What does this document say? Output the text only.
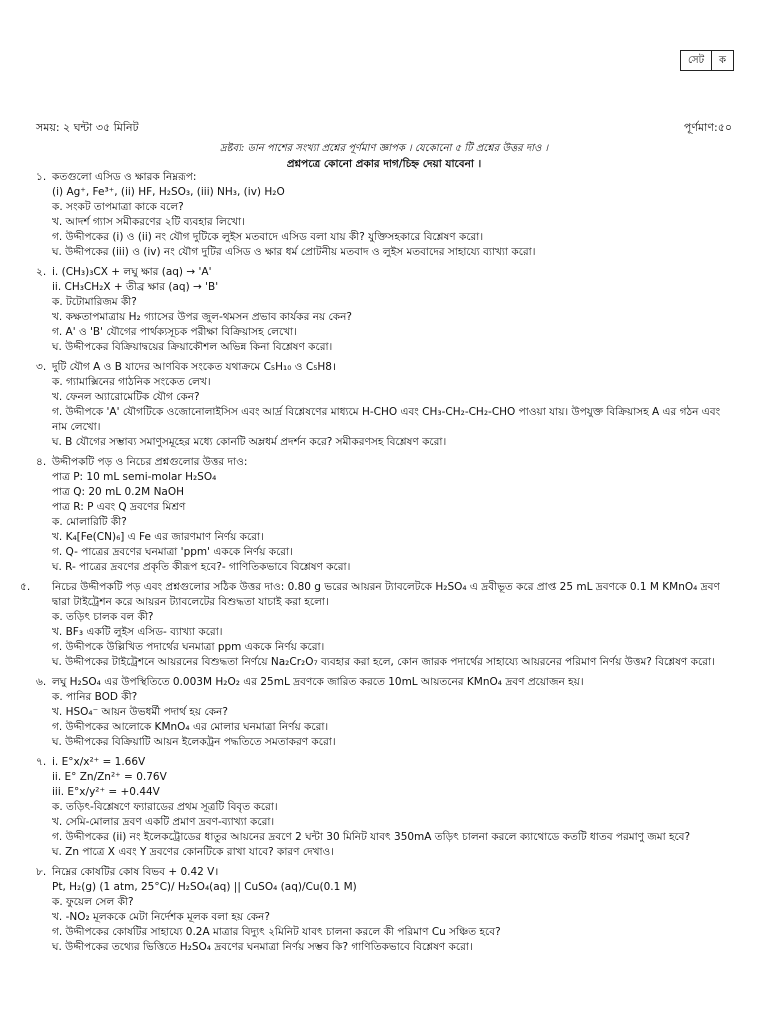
সেট	ক
সময়: ২ ঘন্টা ৩৫ মিনিট	পূর্ণমাণ:৫০
দ্রষ্টব্য: ডান পাশের সংখ্যা প্রশ্নের পূর্ণমাণ জ্ঞাপক । যেকোনো ৫ টি প্রশ্নের উত্তর দাও ।
প্রশ্নপত্রে কোনো প্রকার দাগ/চিহ্ন দেয়া যাবেনা ।
১. কতগুলো এসিড ও ক্ষারক নিম্নরূপ:
(i) Ag⁺, Fe³⁺, (ii) HF, H₂SO₃, (iii) NH₃, (iv) H₂O
ক. সংকট তাপমাত্রা কাকে বলে?
খ. আদর্শ গ্যাস সমীকরণের ২টি ব্যবহার লিখো।
গ. উদ্দীপকের (i) ও (ii) নং যৌগ দুটিকে লুইস মতবাদে এসিড বলা যায় কী? যুক্তিসহকারে বিশ্লেষণ করো।
ঘ. উদ্দীপকের (iii) ও (iv) নং যৌগ দুটির এসিড ও ক্ষার ধর্ম প্রোটনীয় মতবাদ ও লুইস মতবাদের সাহায্যে ব্যাখ্যা করো।
২. i. (CH₃)₃CX + লঘু ক্ষার (aq) → 'A'
ii. CH₃CH₂X + তীব্র ক্ষার (aq) → 'B'
ক. টটোমারিজম কী?
খ. কক্ষতাপমাত্রায় H₂ গ্যাসের উপর জুল-থমসন প্রভাব কার্যকর নয় কেন?
গ. A' ও 'B' যৌগের পার্থক্যসূচক পরীক্ষা বিক্রিয়াসহ লেখো।
ঘ. উদ্দীপকের বিক্রিয়াদ্বয়ের ক্রিয়াকৌশল অভিন্ন কিনা বিশ্লেষণ করো।
৩. দুটি যৌগ A ও B যাদের আণবিক সংকেত যথাক্রমে C₅H₁₀ ও C₅H8।
ক. গ্যামাক্সিনের গাঠনিক সংকেত লেখ।
খ. ফেনল অ্যারোমেটিক যৌগ কেন?
গ. উদ্দীপকে 'A' যৌগটিকে ওজোনোলাইসিস এবং আর্দ্র বিশ্লেষণের মাধ্যমে H-CHO এবং CH₃-CH₂-CH₂-CHO পাওয়া যায়। উপযুক্ত বিক্রিয়াসহ A এর গঠন এবং নাম লেখো।
ঘ. B যৌগের সম্ভাব্য সমাণুসমূহের মধ্যে কোনটি অম্লধর্ম প্রদর্শন করে? সমীকরণসহ বিশ্লেষণ করো।
৪. উদ্দীপকটি পড় ও নিচের প্রশ্নগুলোর উত্তর দাও:
পাত্র P: 10 mL semi-molar H₂SO₄
পাত্র Q: 20 mL 0.2M NaOH
পাত্র R: P এবং Q দ্রবণের মিশ্রণ
ক. মোলারিটি কী?
খ. K₄[Fe(CN)₆] এ Fe এর জারণমাণ নির্ণয় করো।
গ. Q- পাত্রের দ্রবণের ঘনমাত্রা 'ppm' এককে নির্ণয় করো।
ঘ. R- পাত্রের দ্রবণের প্রকৃতি কীরূপ হবে?- গাণিতিকভাবে বিশ্লেষণ করো।
৫. নিচের উদ্দীপকটি পড় এবং প্রশ্নগুলোর সঠিক উত্তর দাও: 0.80 g ভরের আয়রন ট্যাবলেটকে H₂SO₄ এ দ্রবীভূত করে প্রাপ্ত 25 mL দ্রবণকে 0.1 M KMnO₄ দ্রবণ দ্বারা টাইট্রেশন করে আয়রন ট্যাবলেটের বিশুদ্ধতা যাচাই করা হলো।
ক. তড়িৎ চালক বল কী?
খ. BF₃ একটি লুইস এসিড- ব্যাখ্যা করো।
গ. উদ্দীপকে উল্লিখিত পদার্থের ঘনমাত্রা ppm এককে নির্ণয় করো।
ঘ. উদ্দীপকের টাইট্রেশনে আয়রনের বিশুদ্ধতা নির্ণয়ে Na₂Cr₂O₇ ব্যবহার করা হলে, কোন জারক পদার্থের সাহায্যে আয়রনের পরিমাণ নির্ণয় উত্তম? বিশ্লেষণ করো।
৬. লঘু H₂SO₄ এর উপস্থিতিতে 0.003M H₂O₂ এর 25mL দ্রবণকে জারিত করতে 10mL আয়তনের KMnO₄ দ্রবণ প্রয়োজন হয়।
ক. পানির BOD কী?
খ. HSO₄⁻ আয়ন উভধর্মী পদার্থ হয় কেন?
গ. উদ্দীপকের আলোকে KMnO₄ এর মোলার ঘনমাত্রা নির্ণয় করো।
ঘ. উদ্দীপকের বিক্রিয়াটি আয়ন ইলেকট্রন পদ্ধতিতে সমতাকরণ করো।
৭. i. E°x/x²⁺ = 1.66V
ii. E° Zn/Zn²⁺ = 0.76V
iii. E°x/y²⁺ = +0.44V
ক. তড়িৎ-বিশ্লেষণে ফ্যারাডের প্রথম সূত্রটি বিবৃত করো।
খ. সেমি-মোলার দ্রবণ একটি প্রমাণ দ্রবণ-ব্যাখ্যা করো।
গ. উদ্দীপকের (ii) নং ইলেকট্রোডের ধাতুর আয়নের দ্রবণে 2 ঘন্টা 30 মিনিট যাবৎ 350mA তড়িৎ চালনা করলে ক্যাথোডে কতটি ধাতব পরমাণু জমা হবে?
ঘ. Zn পাত্রে X এবং Y দ্রবণের কোনটিকে রাখা যাবে? কারণ দেখাও।
৮. নিম্নের কোষটির কোষ বিভব + 0.42 V।
Pt, H₂(g) (1 atm, 25°C)/ H₂SO₄(aq) || CuSO₄ (aq)/Cu(0.1 M)
ক. ফুয়েল সেল কী?
খ. -NO₂ মূলককে মেটা নির্দেশক মূলক বলা হয় কেন?
গ. উদ্দীপকের কোষটির সাহায্যে 0.2A মাত্রার বিদ্যুৎ ২মিনিট যাবৎ চালনা করলে কী পরিমাণ Cu সঞ্চিত হবে?
ঘ. উদ্দীপকের তথ্যের ভিত্তিতে H₂SO₄ দ্রবণের ঘনমাত্রা নির্ণয় সম্ভব কি? গাণিতিকভাবে বিশ্লেষণ করো।
